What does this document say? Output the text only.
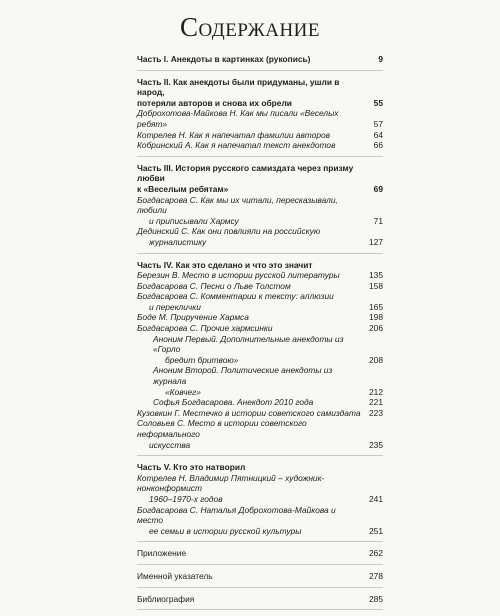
Содержание
Часть I. Анекдоты в картинках (рукопись)	9
Часть II. Как анекдоты были придуманы, ушли в народ,
потеряли авторов и снова их обрели	55
Доброхотова-Майкова Н. Как мы писали «Веселых ребят»	57
Котрелев Н. Как я напечатал фамилии авторов	64
Кобринский А. Как я напечатал текст анекдотов	66
Часть III. История русского самиздата через призму любви
к «Веселым ребятам»	69
Богдасарова С. Как мы их читали, пересказывали, любили
и приписывали Хармсу	71
Дединский С. Как они повлияли на российскую
журналистику	127
Часть IV. Как это сделано и что это значит
Березин В. Место в истории русской литературы	135
Богдасарова С. Песни о Льве Толстом	158
Богдасарова С. Комментарии к тексту: аллюзии
и переклички	165
Бодe М. Приручение Хармса	198
Богдасарова С. Прочие хармсинки	206
Аноним Первый. Дополнительные анекдоты из «Горло
бредит бритвою»	208
Аноним Второй. Политические анекдоты из журнала
«Ковчег»	212
Софья Богдасарова. Анекдот 2010 года	221
Кузовкин Г. Местечко в истории советского самиздата 223
Соловьев С. Место в истории советского неформального
искусства	235
Часть V. Кто это натворил
Котрелев Н. Владимир Пятницкий – художник-нонконформист
1960–1970-х годов	241
Богдасарова С. Наталья Доброхотова-Майкова и место
ее семьи в истории русской культуры	251
Приложение	262
Именной указатель	278
Библиография	285
